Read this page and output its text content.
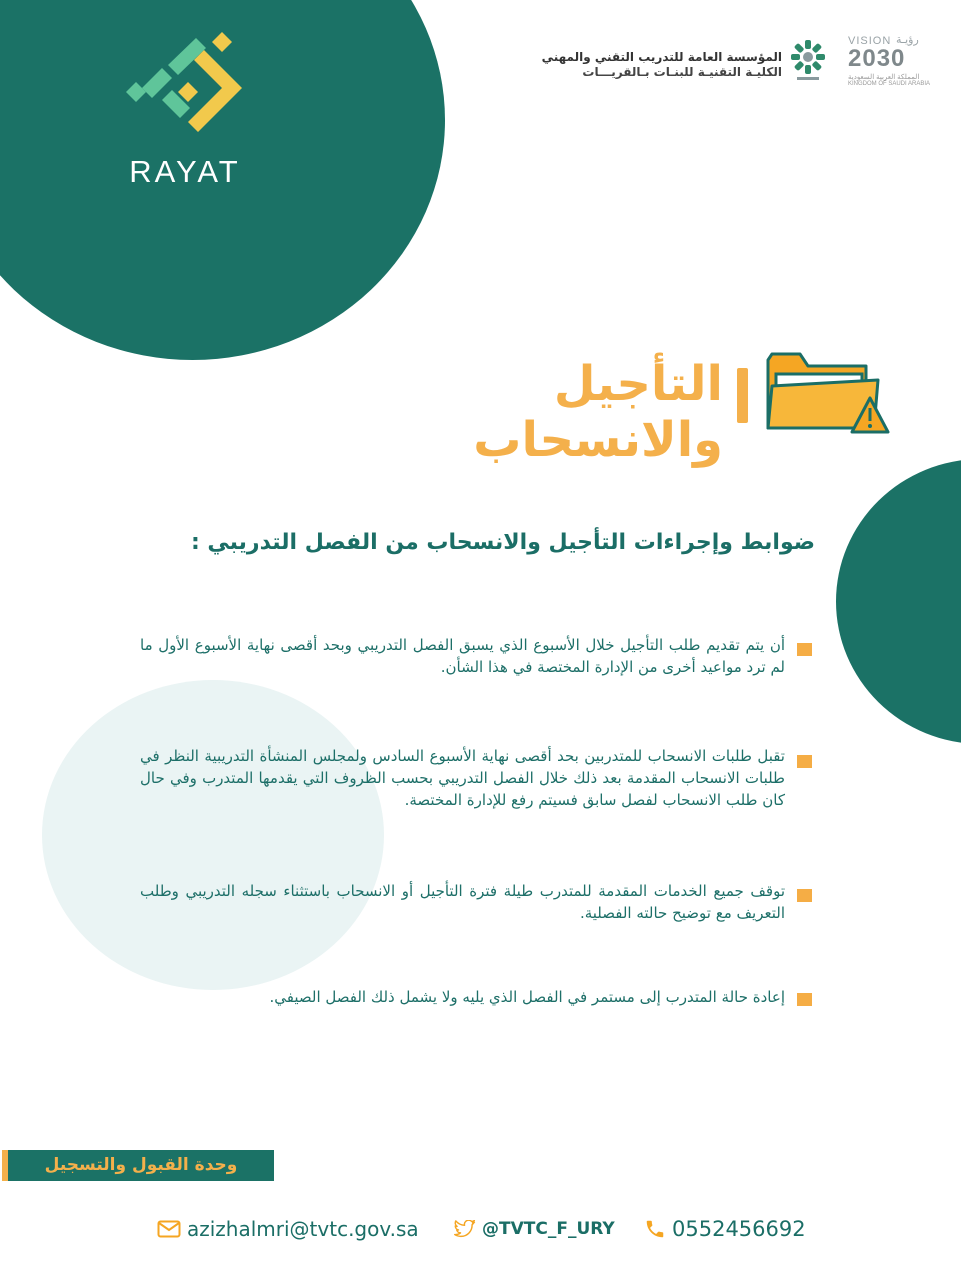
RAYAT
المؤسسة العامة للتدريب التقني والمهني
الكليـة التقنيـة للبنـات بـالقريـــات
VISION رؤيـة
2030
المملكة العربية السعودية
KINGDOM OF SAUDI ARABIA
التأجيل والانسحاب
ضوابط وإجراءات التأجيل والانسحاب من الفصل التدريبي :
أن يتم تقديم طلب التأجيل خلال الأسبوع الذي يسبق الفصل التدريبي وبحد أقصى نهاية الأسبوع الأول ما لم ترد مواعيد أخرى من الإدارة المختصة في هذا الشأن.
تقبل طلبات الانسحاب للمتدربين بحد أقصى نهاية الأسبوع السادس ولمجلس المنشأة التدريبية النظر في طلبات الانسحاب المقدمة بعد ذلك خلال الفصل التدريبي بحسب الظروف التي يقدمها المتدرب وفي حال كان طلب الانسحاب لفصل سابق فسيتم رفع للإدارة المختصة.
توقف جميع الخدمات المقدمة للمتدرب طيلة فترة التأجيل أو الانسحاب باستثناء سجله التدريبي وطلب التعريف مع توضيح حالته الفصلية.
إعادة حالة المتدرب إلى مستمر في الفصل الذي يليه ولا يشمل ذلك الفصل الصيفي.
وحدة القبول والتسجيل
azizhalmri@tvtc.gov.sa	@TVTC_F_URY	0552456692
